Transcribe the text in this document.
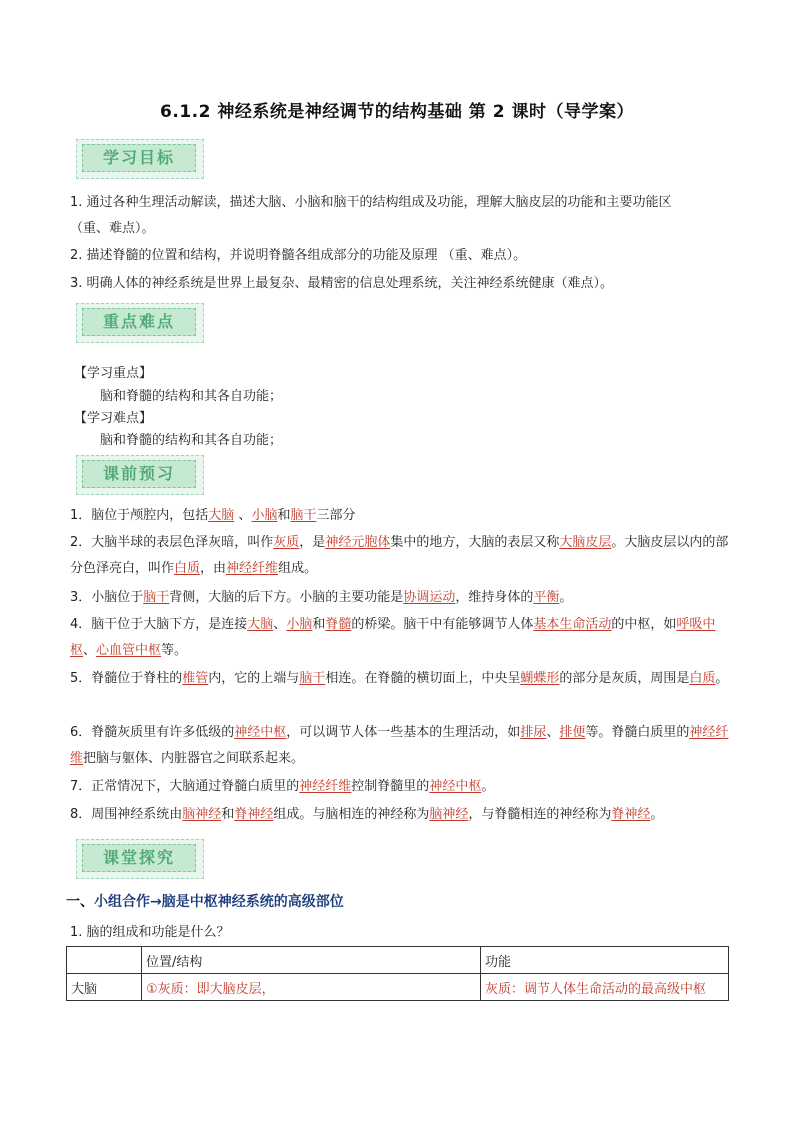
6.1.2 神经系统是神经调节的结构基础 第 2 课时（导学案）
学习目标
1. 通过各种生理活动解读，描述大脑、小脑和脑干的结构组成及功能，理解大脑皮层的功能和主要功能区
（重、难点）。
2. 描述脊髓的位置和结构，并说明脊髓各组成部分的功能及原理 （重、难点）。
3. 明确人体的神经系统是世界上最复杂、最精密的信息处理系统，关注神经系统健康（难点）。
重点难点
【学习重点】
脑和脊髓的结构和其各自功能；
【学习难点】
脑和脊髓的结构和其各自功能；
课前预习
1．脑位于颅腔内，包括大脑 、小脑和脑干三部分
2．大脑半球的表层色泽灰暗，叫作灰质，是神经元胞体集中的地方，大脑的表层又称大脑皮层。大脑皮层以内的部分色泽亮白，叫作白质，由神经纤维组成。
3．小脑位于脑干背侧，大脑的后下方。小脑的主要功能是协调运动，维持身体的平衡。
4．脑干位于大脑下方，是连接大脑、小脑和脊髓的桥梁。脑干中有能够调节人体基本生命活动的中枢，如呼吸中枢、心血管中枢等。
5．脊髓位于脊柱的椎管内，它的上端与脑干相连。在脊髓的横切面上，中央呈蝴蝶形的部分是灰质，周围是白质。
6．脊髓灰质里有许多低级的神经中枢，可以调节人体一些基本的生理活动，如排尿、排便等。脊髓白质里的神经纤维把脑与躯体、内脏器官之间联系起来。
7．正常情况下，大脑通过脊髓白质里的神经纤维控制脊髓里的神经中枢。
8．周围神经系统由脑神经和脊神经组成。与脑相连的神经称为脑神经，与脊髓相连的神经称为脊神经。
课堂探究
一、小组合作→脑是中枢神经系统的高级部位
1. 脑的组成和功能是什么？
	位置/结构	功能
大脑	①灰质：即大脑皮层，	灰质：调节人体生命活动的最高级中枢
